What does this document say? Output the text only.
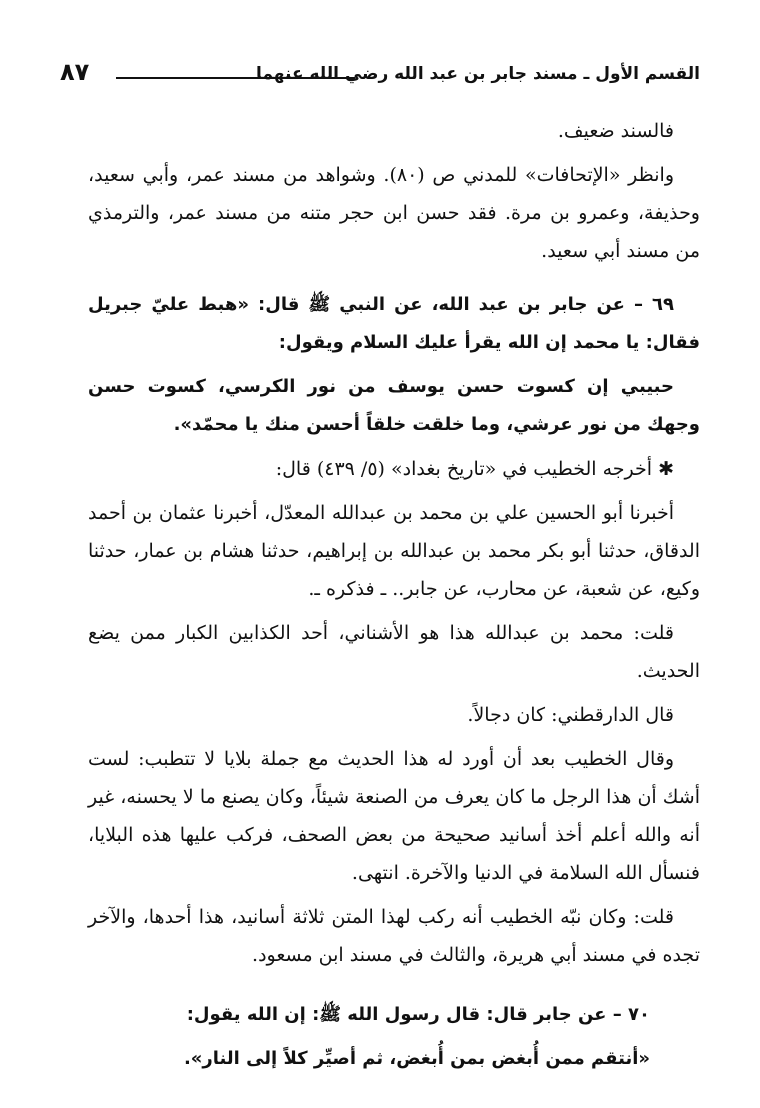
القسم الأول ـ مسند جابر بن عبد الله رضي الله عنهما
٨٧

فالسند ضعيف.

وانظر «الإتحافات» للمدني ص (٨٠). وشواهد من مسند عمر، وأبي سعيد، وحذيفة، وعمرو بن مرة. فقد حسن ابن حجر متنه من مسند عمر، والترمذي من مسند أبي سعيد.

٦٩ – عن جابر بن عبد الله، عن النبي ﷺ قال: «هبط عليّ جبريل فقال: يا محمد إن الله يقرأ عليك السلام ويقول:

حبيبي إن كسوت حسن يوسف من نور الكرسي، كسوت حسن وجهك من نور عرشي، وما خلقت خلقاً أحسن منك يا محمّد».

✱ أخرجه الخطيب في «تاريخ بغداد» (٥/ ٤٣٩) قال:

أخبرنا أبو الحسين علي بن محمد بن عبدالله المعدّل، أخبرنا عثمان بن أحمد الدقاق، حدثنا أبو بكر محمد بن عبدالله بن إبراهيم، حدثنا هشام بن عمار، حدثنا وكيع، عن شعبة، عن محارب، عن جابر.. ـ فذكره ـ.

قلت: محمد بن عبدالله هذا هو الأشناني، أحد الكذابين الكبار ممن يضع الحديث.

قال الدارقطني: كان دجالاً.

وقال الخطيب بعد أن أورد له هذا الحديث مع جملة بلايا لا تتطبب: لست أشك أن هذا الرجل ما كان يعرف من الصنعة شيئاً، وكان يصنع ما لا يحسنه، غير أنه والله أعلم أخذ أسانيد صحيحة من بعض الصحف، فركب عليها هذه البلايا، فنسأل الله السلامة في الدنيا والآخرة. انتهى.

قلت: وكان نبّه الخطيب أنه ركب لهذا المتن ثلاثة أسانيد، هذا أحدها، والآخر تجده في مسند أبي هريرة، والثالث في مسند ابن مسعود.

٧٠ – عن جابر قال: قال رسول الله ﷺ: إن الله يقول:

«أنتقم ممن أُبغض بمن أُبغض، ثم أصيِّر كلاً إلى النار».
